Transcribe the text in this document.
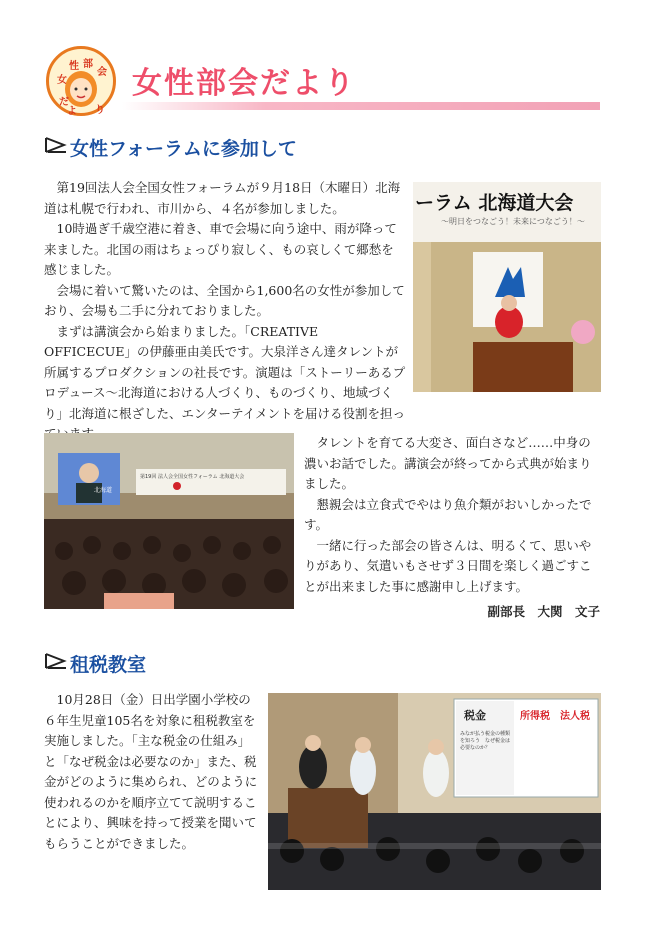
女
性 部
会
だ
よ り
女性部会だより
女性フォーラムに参加して

第19回法人会全国女性フォーラムが９月18日（木曜日）北海道は札幌で行われ、市川から、４名が参加しました。

10時過ぎ千歳空港に着き、車で会場に向う途中、雨が降って来ました。北国の雨はちょっぴり寂しく、もの哀しくて郷愁を感じました。

会場に着いて驚いたのは、全国から1,600名の女性が参加しており、会場も二手に分れておりました。

まずは講演会から始まりました。「CREATIVE OFFICECUE」の伊藤亜由美氏です。大泉洋さん達タレントが所属するプロダクションの社長です。演題は「ストーリーあるプロデュース～北海道における人づくり、ものづくり、地域づくり」北海道に根ざした、エンターテイメントを届ける役割を担っ

ーラム 北海道大会
〜明日をつなごう！未来につなごう！〜
北海道
第19回 法人会全国女性フォーラム 北海道大会

タレントを育てる大変さ、面白さなど……中身の濃いお話でした。講演会が終ってから式典が始まりました。

懇親会は立食式でやはり魚介類がおいしかったです。

一緒に行った部会の皆さんは、明るくて、思いやりがあり、気遣いもさせず３日間を楽しく過ごすことが出来ました事に感謝申し上げます。

副部長　大関　文子
租税教室

10月28日（金）日出学園小学校の６年生児童105名を対象に租税教室を実施しました。「主な税金の仕組み」と「なぜ税金は必要なのか」また、税金がどのように集められ、どのように使われるのかを順序立てて説明することにより、興味を持って授業を聞いてもらうことができました。

税金	所得税　法人税
みなが払う税金の種類を知ろう　なぜ税金は必要なのか？
